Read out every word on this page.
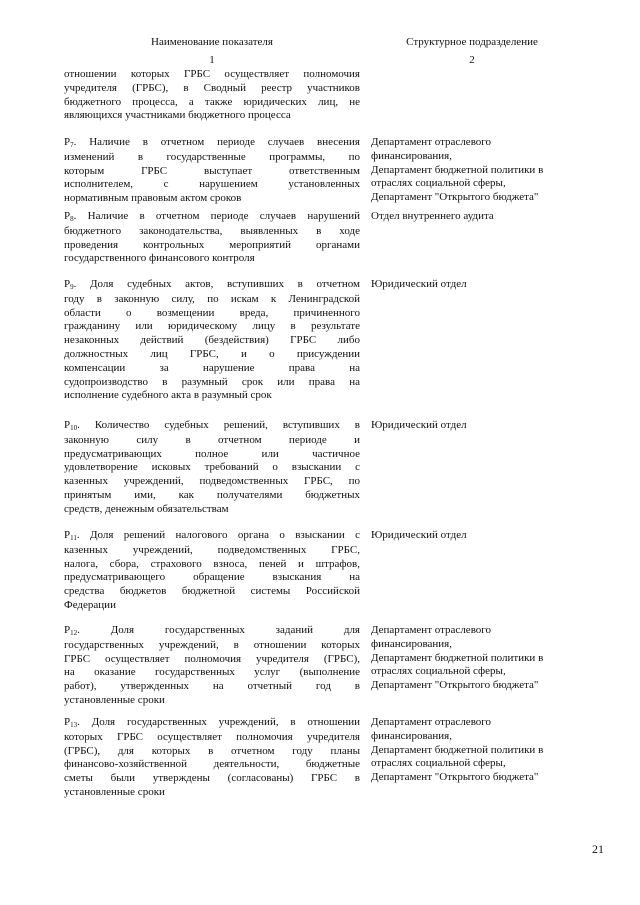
Наименование показателя	Структурное подразделение
1	2
отношении которых ГРБС осуществляет полномочия
учредителя (ГРБС), в Сводный реестр участников
бюджетного процесса, а также юридических лиц, не
являющихся участниками бюджетного процесса
P7. Наличие в отчетном периоде случаев внесения
изменений в государственные программы, по
которым ГРБС выступает ответственным
исполнителем, с нарушением установленных
нормативным правовым актом сроков
Департамент отраслевого
финансирования,
Департамент бюджетной политики в
отраслях социальной сферы,
Департамент "Открытого бюджета"
P8. Наличие в отчетном периоде случаев нарушений
бюджетного законодательства, выявленных в ходе
проведения контрольных мероприятий органами
государственного финансового контроля
Отдел внутреннего аудита
P9. Доля судебных актов, вступивших в отчетном
году в законную силу, по искам к Ленинградской
области о возмещении вреда, причиненного
гражданину или юридическому лицу в результате
незаконных действий (бездействия) ГРБС либо
должностных лиц ГРБС, и о присуждении
компенсации за нарушение права на
судопроизводство в разумный срок или права на
исполнение судебного акта в разумный срок
Юридический отдел
P10. Количество судебных решений, вступивших в
законную силу в отчетном периоде и
предусматривающих полное или частичное
удовлетворение исковых требований о взыскании с
казенных учреждений, подведомственных ГРБС, по
принятым ими, как получателями бюджетных
средств, денежным обязательствам
Юридический отдел
P11. Доля решений налогового органа о взыскании с
казенных учреждений, подведомственных ГРБС,
налога, сбора, страхового взноса, пеней и штрафов,
предусматривающего обращение взыскания на
средства бюджетов бюджетной системы Российской
Федерации
Юридический отдел
P12. Доля государственных заданий для
государственных учреждений, в отношении которых
ГРБС осуществляет полномочия учредителя (ГРБС),
на оказание государственных услуг (выполнение
работ), утвержденных на отчетный год в
установленные сроки
Департамент отраслевого
финансирования,
Департамент бюджетной политики в
отраслях социальной сферы,
Департамент "Открытого бюджета"
P13. Доля государственных учреждений, в отношении
которых ГРБС осуществляет полномочия учредителя
(ГРБС), для которых в отчетном году планы
финансово-хозяйственной деятельности, бюджетные
сметы были утверждены (согласованы) ГРБС в
установленные сроки
Департамент отраслевого
финансирования,
Департамент бюджетной политики в
отраслях социальной сферы,
Департамент "Открытого бюджета"
21
